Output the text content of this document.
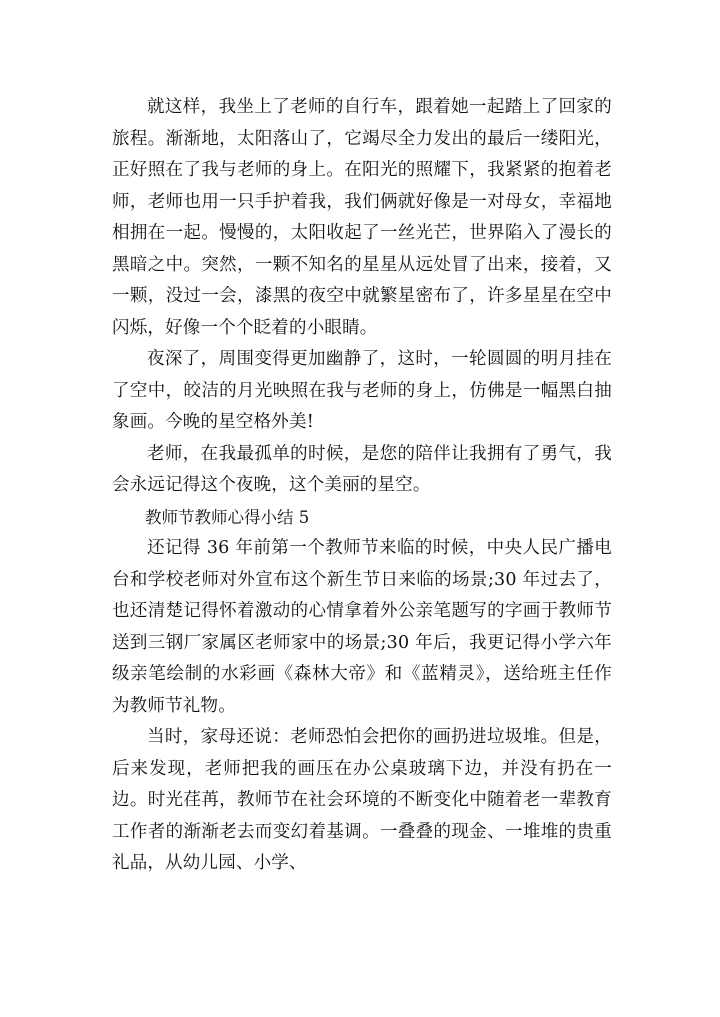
就这样，我坐上了老师的自行车，跟着她一起踏上了回家的旅程。渐渐地，太阳落山了，它竭尽全力发出的最后一缕阳光，正好照在了我与老师的身上。在阳光的照耀下，我紧紧的抱着老师，老师也用一只手护着我，我们俩就好像是一对母女，幸福地相拥在一起。慢慢的，太阳收起了一丝光芒，世界陷入了漫长的黑暗之中。突然，一颗不知名的星星从远处冒了出来，接着，又一颗，没过一会，漆黑的夜空中就繁星密布了，许多星星在空中闪烁，好像一个个眨着的小眼睛。

夜深了，周围变得更加幽静了，这时，一轮圆圆的明月挂在了空中，皎洁的月光映照在我与老师的身上，仿佛是一幅黑白抽象画。今晚的星空格外美!

老师，在我最孤单的时候，是您的陪伴让我拥有了勇气，我会永远记得这个夜晚，这个美丽的星空。

教师节教师心得小结 5

还记得 36 年前第一个教师节来临的时候，中央人民广播电台和学校老师对外宣布这个新生节日来临的场景;30 年过去了，也还清楚记得怀着激动的心情拿着外公亲笔题写的字画于教师节送到三钢厂家属区老师家中的场景;30 年后，我更记得小学六年级亲笔绘制的水彩画《森林大帝》和《蓝精灵》，送给班主任作为教师节礼物。

当时，家母还说：老师恐怕会把你的画扔进垃圾堆。但是，后来发现，老师把我的画压在办公桌玻璃下边，并没有扔在一边。时光荏苒，教师节在社会环境的不断变化中随着老一辈教育工作者的渐渐老去而变幻着基调。一叠叠的现金、一堆堆的贵重礼品，从幼儿园、小学、
